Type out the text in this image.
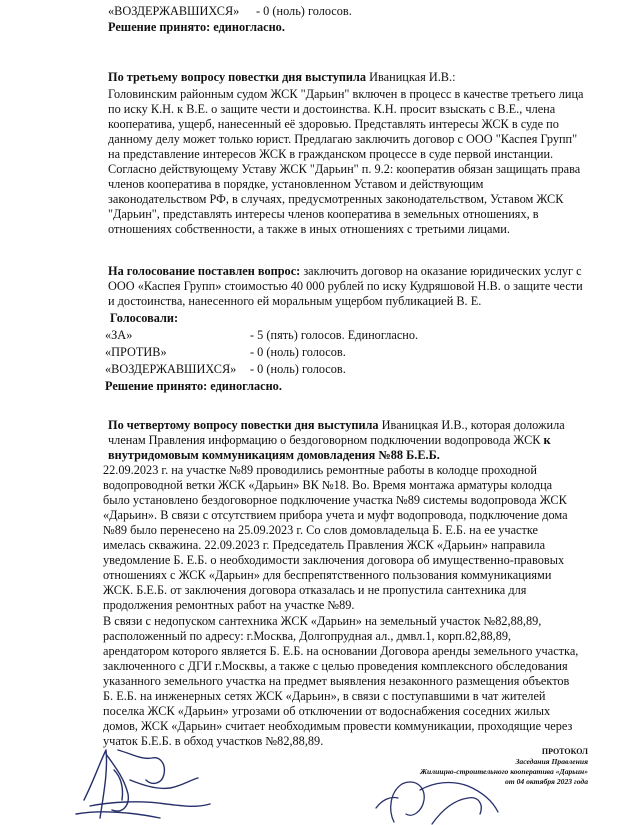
«ВОЗДЕРЖАВШИХСЯ» - 0 (ноль) голосов.
Решение принято: единогласно.
По третьему вопросу повестки дня выступила Иваницкая И.В.:
Головинским районным судом ЖСК "Дарьин" включен в процесс в качестве третьего лица
по иску К.Н. к В.Е. о защите чести и достоинства. К.Н. просит взыскать с В.Е., члена
кооператива, ущерб, нанесенный её здоровью. Представлять интересы ЖСК в суде по
данному делу может только юрист. Предлагаю заключить договор с ООО "Каспея Групп"
на представление интересов ЖСК в гражданском процессе в суде первой инстанции.
Согласно действующему Уставу ЖСК "Дарьин" п. 9.2: кооператив обязан защищать права
членов кооператива в порядке, установленном Уставом и действующим
законодательством РФ, в случаях, предусмотренных законодательством, Уставом ЖСК
"Дарьин", представлять интересы членов кооператива в земельных отношениях, в
отношениях собственности, а также в иных отношениях с третьими лицами.
На голосование поставлен вопрос: заключить договор на оказание юридических услуг с
ООО «Каспея Групп» стоимостью 40 000 рублей по иску Кудряшовой Н.В. о защите чести
и достоинства, нанесенного ей моральным ущербом публикацией В. Е.
Голосовали:
«ЗА»	- 5 (пять) голосов. Единогласно.
«ПРОТИВ»	- 0 (ноль) голосов.
«ВОЗДЕРЖАВШИХСЯ» - 0 (ноль) голосов.
Решение принято: единогласно.
По четвертому вопросу повестки дня выступила Иваницкая И.В., которая доложила
членам Правления информацию о бездоговорном подключении водопровода ЖСК к
внутридомовым коммуникациям домовладения №88 Б.Е.Б.
22.09.2023 г. на участке №89 проводились ремонтные работы в колодце проходной
водопроводной ветки ЖСК «Дарьин» ВК №18. Во. Время монтажа арматуры колодца
было установлено бездоговорное подключение участка №89 системы водопровода ЖСК
«Дарьин». В связи с отсутствием прибора учета и муфт водопровода, подключение дома
№89 было перенесено на 25.09.2023 г. Со слов домовладельца Б. Е.Б. на ее участке
имелась скважина. 22.09.2023 г. Председатель Правления ЖСК «Дарьин» направила
уведомление Б. Е.Б. о необходимости заключения договора об имущественно-правовых
отношениях с ЖСК «Дарьин» для беспрепятственного пользования коммуникациями
ЖСК. Б.Е.Б. от заключения договора отказалась и не пропустила сантехника для
продолжения ремонтных работ на участке №89.
В связи с недопуском сантехника ЖСК «Дарьин» на земельный участок №82,88,89,
расположенный по адресу: г.Москва, Долгопрудная ал., дмвл.1, корп.82,88,89,
арендатором которого является Б. Е.Б. на основании Договора аренды земельного участка,
заключенного с ДГИ г.Москвы, а также с целью проведения комплексного обследования
указанного земельного участка на предмет выявления незаконного размещения объектов
Б. Е.Б. на инженерных сетях ЖСК «Дарьин», в связи с поступавшими в чат жителей
поселка ЖСК «Дарьин» угрозами об отключении от водоснабжения соседних жилых
домов, ЖСК «Дарьин» считает необходимым провести коммуникации, проходящие через
учаток Б.Е.Б. в обход участков №82,88,89.
ПРОТОКОЛ
Заседания Правления
Жилищно-строительного кооператива «Дарьин»
от 04 октября 2023 года
